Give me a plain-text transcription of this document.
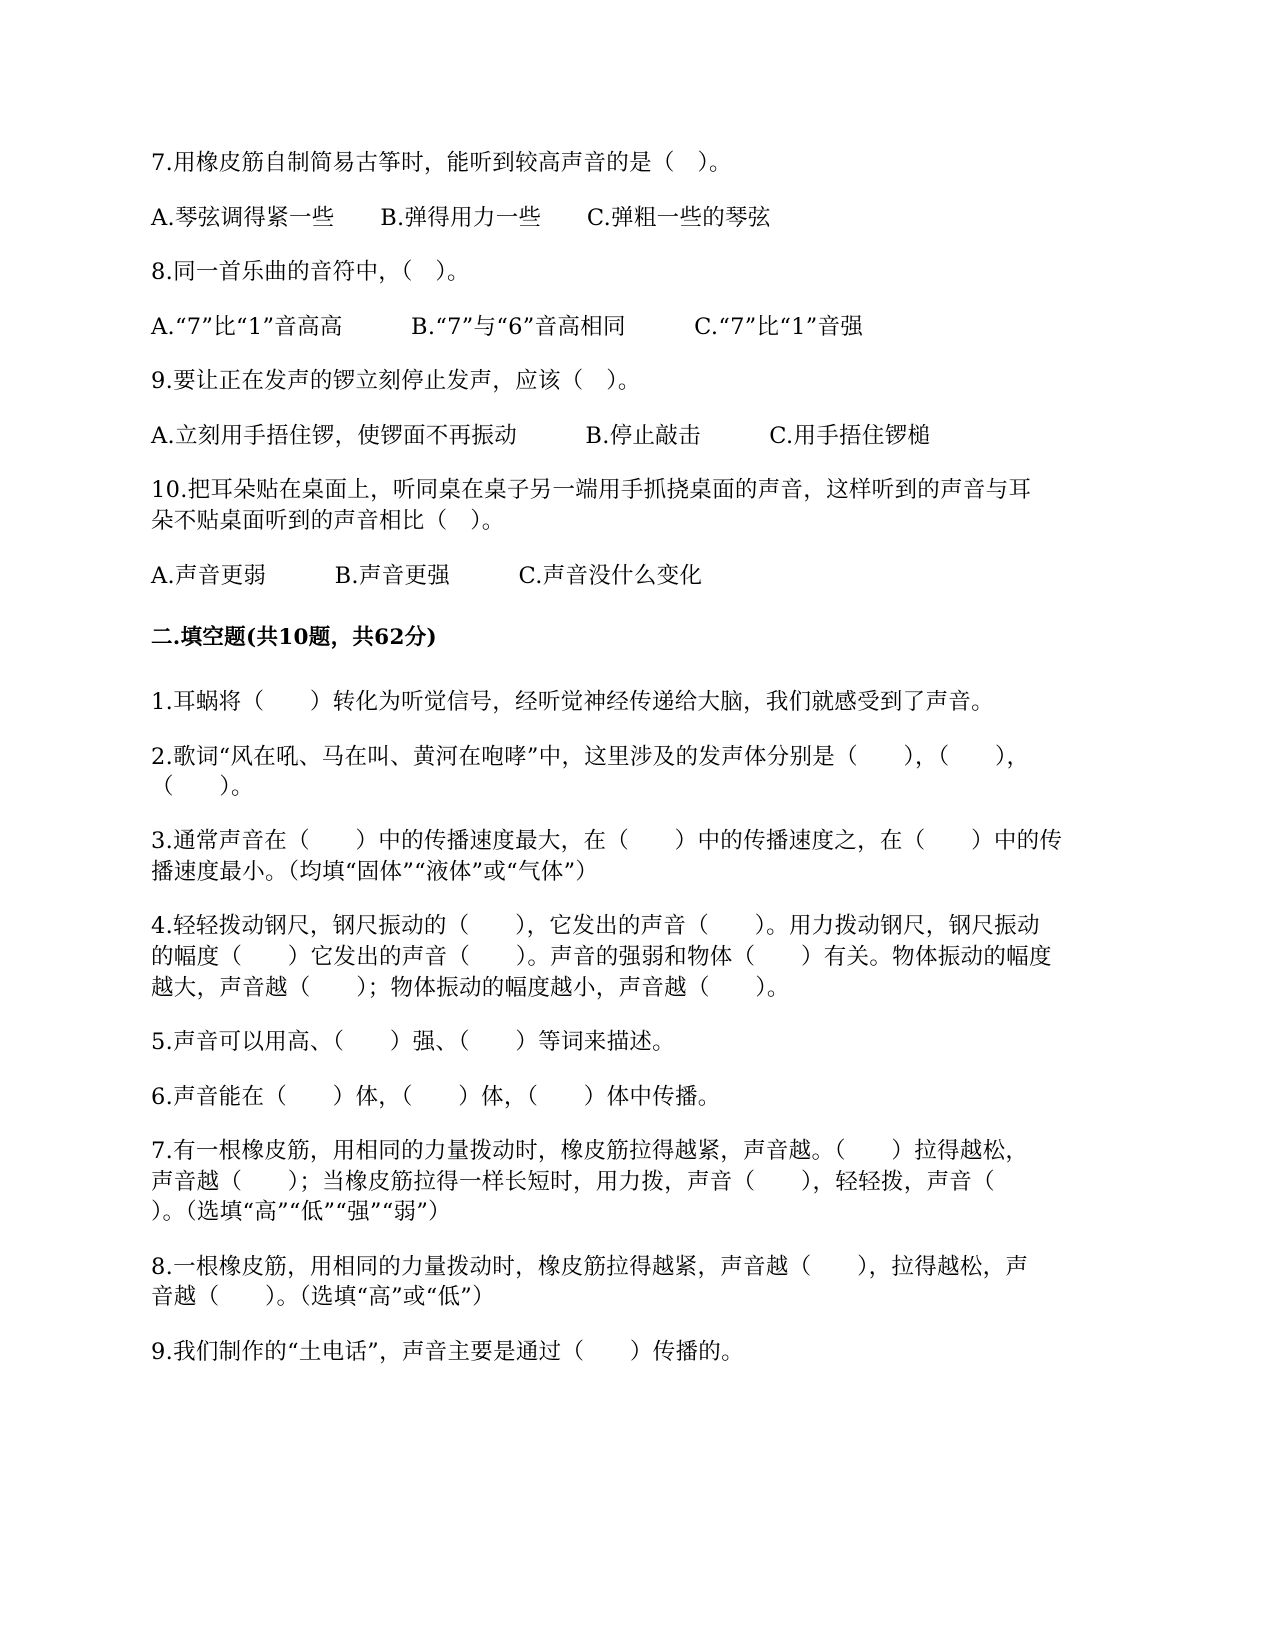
7.用橡皮筋自制简易古筝时，能听到较高声音的是（　）。
A.琴弦调得紧一些　　B.弹得用力一些　　C.弹粗一些的琴弦
8.同一首乐曲的音符中，（　）。
A.“7”比“1”音高高　　　B.“7”与“6”音高相同　　　C.“7”比“1”音强
9.要让正在发声的锣立刻停止发声，应该（　）。
A.立刻用手捂住锣，使锣面不再振动　　　B.停止敲击　　　C.用手捂住锣槌
10.把耳朵贴在桌面上，听同桌在桌子另一端用手抓挠桌面的声音，这样听到的声音与耳
朵不贴桌面听到的声音相比（　）。
A.声音更弱　　　B.声音更强　　　C.声音没什么变化
二.填空题(共10题，共62分)
1.耳蜗将（　　）转化为听觉信号，经听觉神经传递给大脑，我们就感受到了声音。
2.歌词“风在吼、马在叫、黄河在咆哮”中，这里涉及的发声体分别是（　　），（　　），
（　　）。
3.通常声音在（　　）中的传播速度最大，在（　　）中的传播速度之，在（　　）中的传
播速度最小。（均填“固体”“液体”或“气体”）
4.轻轻拨动钢尺，钢尺振动的（　　），它发出的声音（　　）。用力拨动钢尺，钢尺振动
的幅度（　　）它发出的声音（　　）。声音的强弱和物体（　　）有关。物体振动的幅度
越大，声音越（　　）；物体振动的幅度越小，声音越（　　）。
5.声音可以用高、（　　）强、（　　）等词来描述。
6.声音能在（　　）体，（　　）体，（　　）体中传播。
7.有一根橡皮筋，用相同的力量拨动时，橡皮筋拉得越紧，声音越。（　　）拉得越松，
声音越（　　）；当橡皮筋拉得一样长短时，用力拨，声音（　　），轻轻拨，声音（
）。（选填“高”“低”“强”“弱”）
8.一根橡皮筋，用相同的力量拨动时，橡皮筋拉得越紧，声音越（　　），拉得越松，声
音越（　　）。（选填“高”或“低”）
9.我们制作的“土电话”，声音主要是通过（　　）传播的。
